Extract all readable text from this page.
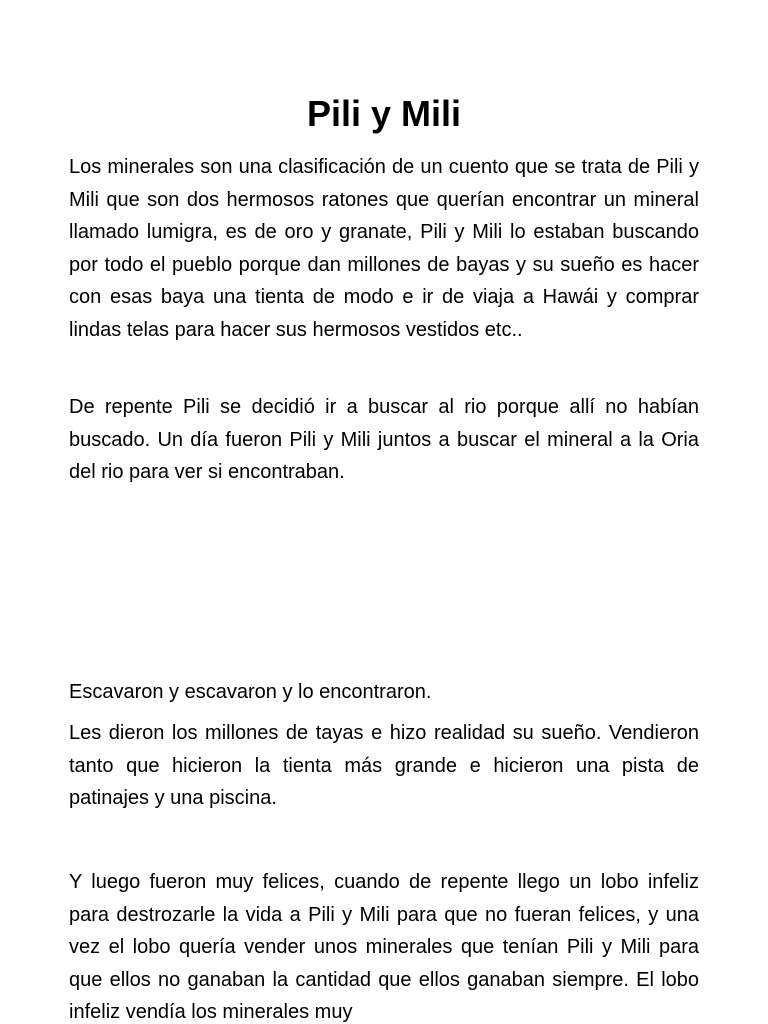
Pili y Mili

Los minerales son una clasificación de un cuento que se trata de Pili y Mili que son dos hermosos ratones que querían encontrar un mineral llamado lumigra, es de oro y granate, Pili y Mili lo estaban buscando por todo el pueblo porque dan millones de bayas y su sueño es hacer con esas baya una tienta de modo e ir de viaja a Hawái y comprar lindas telas para hacer sus hermosos vestidos etc..

De repente Pili se decidió ir a buscar al rio porque allí no habían buscado. Un día fueron Pili y Mili juntos a buscar el mineral a la Oria del rio para ver si encontraban.

Escavaron y escavaron y lo encontraron.

Les dieron los millones de tayas e hizo realidad su sueño. Vendieron tanto que hicieron la tienta más grande e hicieron una pista de patinajes y una piscina.

Y luego fueron muy felices, cuando de repente llego un lobo infeliz para destrozarle la vida a Pili y Mili para que no fueran felices, y una vez el lobo quería vender unos minerales que tenían Pili y Mili para que ellos no ganaban la cantidad que ellos ganaban siempre. El lobo infeliz vendía los minerales muy
